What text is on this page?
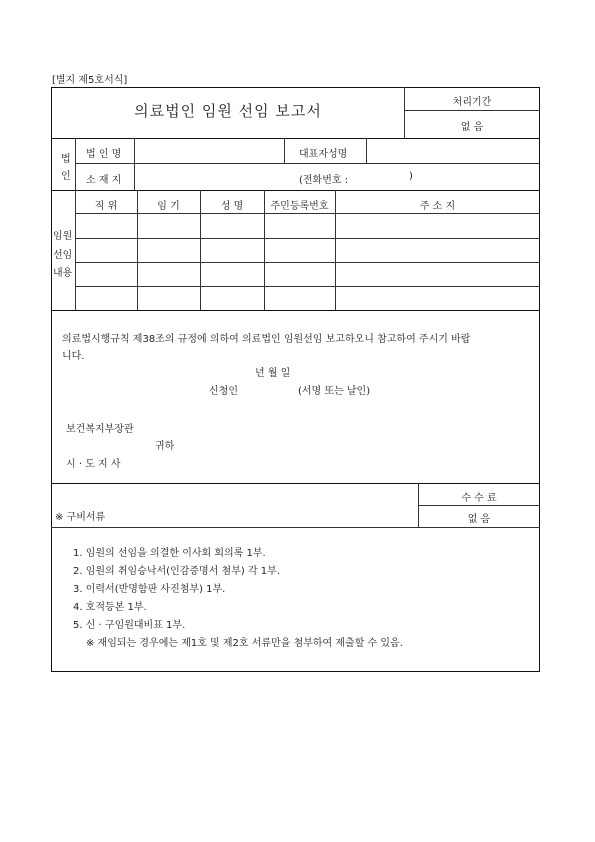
[별지 제5호서식]
의료법인 임원 선임 보고서	처리기간
없 음
법
인
법 인 명	대표자성명
소 재 지	(전화번호 :	)
임원
선임
내용
직 위	임 기	성 명	주민등록번호	주 소 지
의료법시행규칙 제38조의 규정에 의하여 의료법인 임원선임 보고하오니 참고하여 주시기 바랍
니다.
년 월 일
신청인	(서명 또는 날인)
보건복지부장관
귀하
시 · 도 지 사
※ 구비서류
수 수 료
없 음
1. 임원의 선임을 의결한 이사회 회의록 1부.
2. 임원의 취임승낙서(인감증명서 첨부) 각 1부.
3. 이력서(반명함판 사진첨부) 1부.
4. 호적등본 1부.
5. 신 · 구임원대비표 1부.
※ 재임되는 경우에는 제1호 및 제2호 서류만을 첨부하여 제출할 수 있음.
